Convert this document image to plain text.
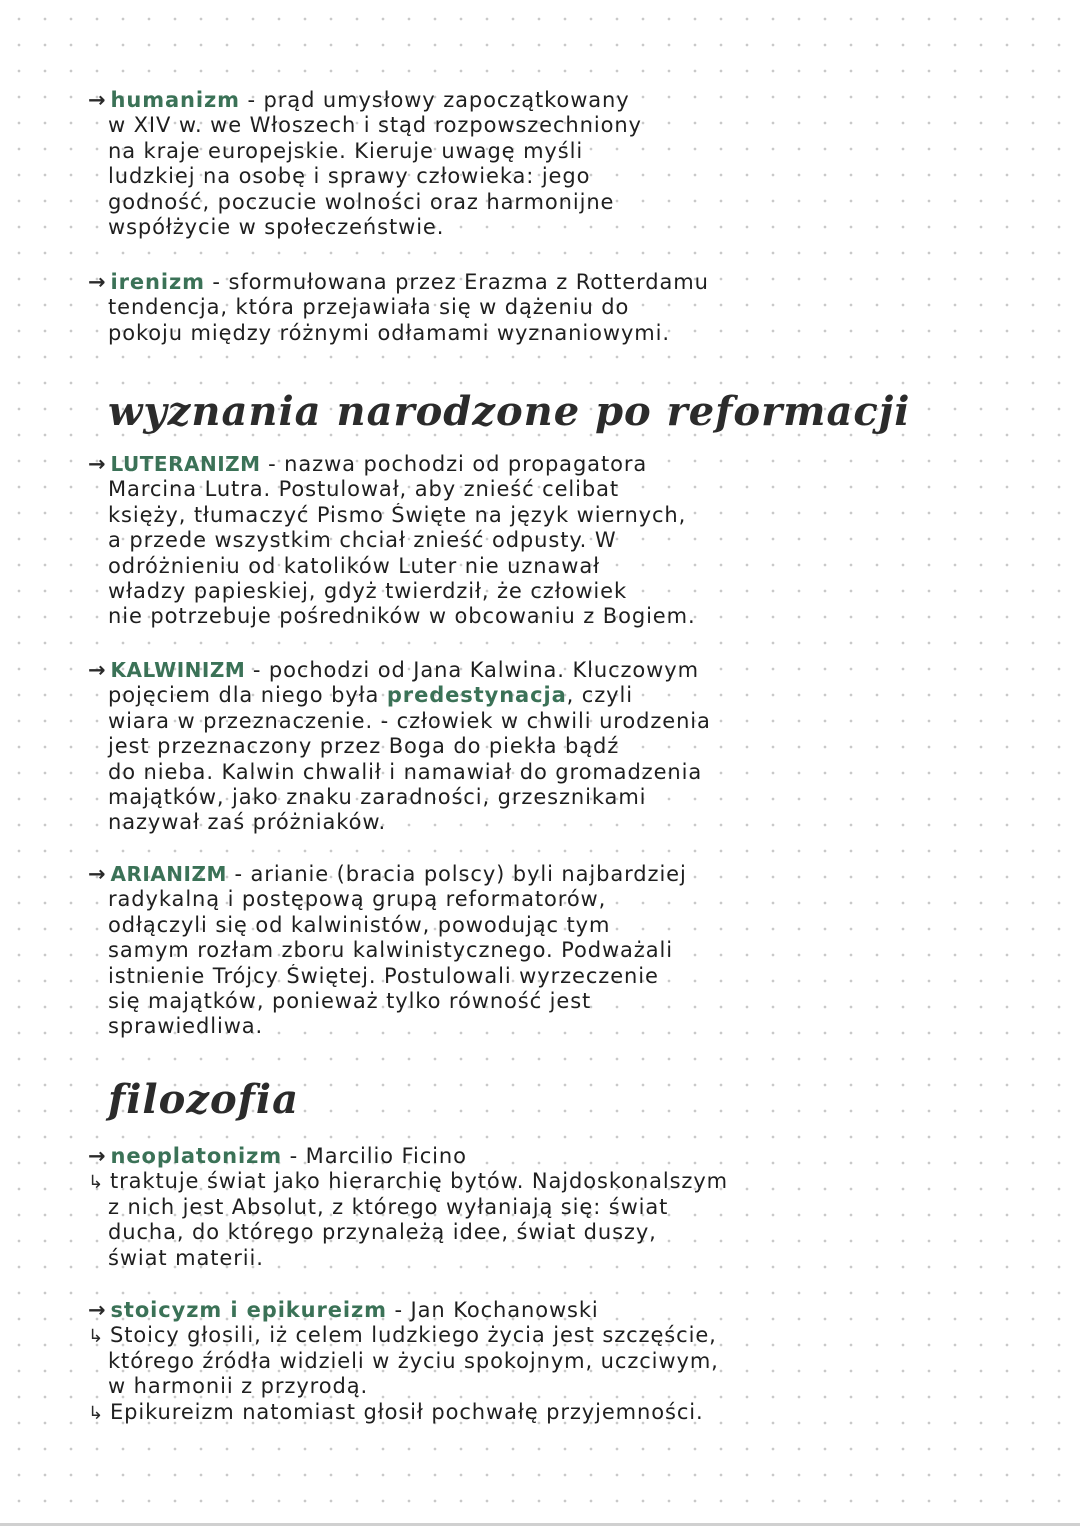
→ humanizm - prąd umysłowy zapoczątkowany
w XIV w. we Włoszech i stąd rozpowszechniony
na kraje europejskie. Kieruje uwagę myśli
ludzkiej na osobę i sprawy człowieka: jego
godność, poczucie wolności oraz harmonijne
współżycie w społeczeństwie.
→ irenizm - sformułowana przez Erazma z Rotterdamu
tendencja, która przejawiała się w dążeniu do
pokoju między różnymi odłamami wyznaniowymi.
wyznania narodzone po reformacji
→ LUTERANIZM - nazwa pochodzi od propagatora
Marcina Lutra. Postulował, aby znieść celibat
księży, tłumaczyć Pismo Święte na język wiernych,
a przede wszystkim chciał znieść odpusty. W
odróżnieniu od katolików Luter nie uznawał
władzy papieskiej, gdyż twierdził, że człowiek
nie potrzebuje pośredników w obcowaniu z Bogiem.
→ KALWINIZM - pochodzi od Jana Kalwina. Kluczowym
pojęciem dla niego była predestynacja, czyli
wiara w przeznaczenie. - człowiek w chwili urodzenia
jest przeznaczony przez Boga do piekła bądź
do nieba. Kalwin chwalił i namawiał do gromadzenia
majątków, jako znaku zaradności, grzesznikami
nazywał zaś próżniaków.
→ ARIANIZM - arianie (bracia polscy) byli najbardziej
radykalną i postępową grupą reformatorów,
odłączyli się od kalwinistów, powodując tym
samym rozłam zboru kalwinistycznego. Podważali
istnienie Trójcy Świętej. Postulowali wyrzeczenie
się majątków, ponieważ tylko równość jest
sprawiedliwa.
filozofia
→ neoplatonizm - Marcilio Ficino
↳ traktuje świat jako hierarchię bytów. Najdoskonalszym
z nich jest Absolut, z którego wyłaniają się: świat
ducha, do którego przynależą idee, świat duszy,
świat materii.
→ stoicyzm i epikureizm - Jan Kochanowski
↳ Stoicy głosili, iż celem ludzkiego życia jest szczęście,
którego źródła widzieli w życiu spokojnym, uczciwym,
w harmonii z przyrodą.
↳ Epikureizm natomiast głosił pochwałę przyjemności.
